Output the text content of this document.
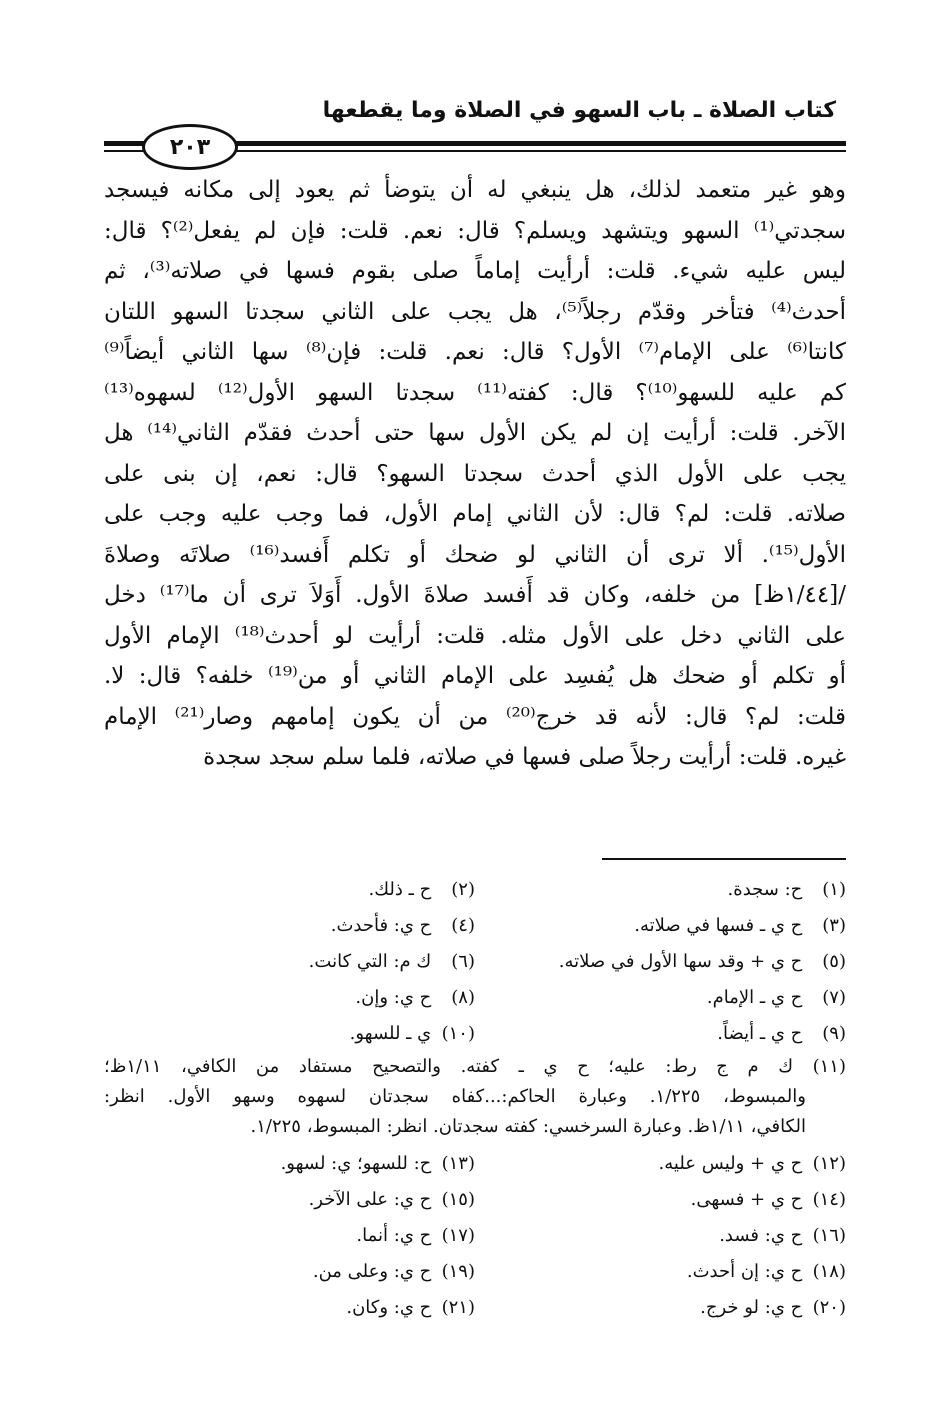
كتاب الصلاة ـ باب السهو في الصلاة وما يقطعها
٢٠٣
وهو غير متعمد لذلك، هل ينبغي له أن يتوضأ ثم يعود إلى مكانه فيسجد
سجدتي⁽¹⁾ السهو ويتشهد ويسلم؟ قال: نعم. قلت: فإن لم يفعل⁽²⁾؟ قال:
ليس عليه شيء. قلت: أرأيت إماماً صلى بقوم فسها في صلاته⁽³⁾، ثم
أحدث⁽⁴⁾ فتأخر وقدّم رجلاً⁽⁵⁾، هل يجب على الثاني سجدتا السهو اللتان
كانتا⁽⁶⁾ على الإمام⁽⁷⁾ الأول؟ قال: نعم. قلت: فإن⁽⁸⁾ سها الثاني أيضاً⁽⁹⁾
كم عليه للسهو⁽¹⁰⁾؟ قال: كفته⁽¹¹⁾ سجدتا السهو الأول⁽¹²⁾ لسهوه⁽¹³⁾
الآخر. قلت: أرأيت إن لم يكن الأول سها حتى أحدث فقدّم الثاني⁽¹⁴⁾ هل
يجب على الأول الذي أحدث سجدتا السهو؟ قال: نعم، إن بنى على
صلاته. قلت: لم؟ قال: لأن الثاني إمام الأول، فما وجب عليه وجب على
الأول⁽¹⁵⁾. ألا ترى أن الثاني لو ضحك أو تكلم أَفسد⁽¹⁶⁾ صلاتَه وصلاةَ
/[١/٤٤ظ] من خلفه، وكان قد أَفسد صلاةَ الأول. أَوَلاَ ترى أن ما⁽¹⁷⁾ دخل
على الثاني دخل على الأول مثله. قلت: أرأيت لو أحدث⁽¹⁸⁾ الإمام الأول
أو تكلم أو ضحك هل يُفسِد على الإمام الثاني أو من⁽¹⁹⁾ خلفه؟ قال: لا.
قلت: لم؟ قال: لأنه قد خرج⁽²⁰⁾ من أن يكون إمامهم وصار⁽²¹⁾ الإمام
غيره. قلت: أرأيت رجلاً صلى فسها في صلاته، فلما سلم سجد سجدة
(١) ح: سجدة.
(٢) ح ـ ذلك.
(٣) ح ي ـ فسها في صلاته.
(٤) ح ي: فأحدث.
(٥) ح ي + وقد سها الأول في صلاته.
(٦) ك م: التي كانت.
(٧) ح ي ـ الإمام.
(٨) ح ي: وإن.
(٩) ح ي ـ أيضاً.
(١٠) ي ـ للسهو.
(١١) ك م ج رط: عليه؛ ح ي ـ كفته. والتصحيح مستفاد من الكافي، ١/١١ظ؛
والمبسوط، ١/٢٢٥. وعبارة الحاكم:...كفاه سجدتان لسهوه وسهو الأول. انظر:
الكافي، ١/١١ظ. وعبارة السرخسي: كفته سجدتان. انظر: المبسوط، ١/٢٢٥.
(١٢) ح ي + وليس عليه.
(١٣) ح: للسهو؛ ي: لسهو.
(١٤) ح ي + فسهى.
(١٥) ح ي: على الآخر.
(١٦) ح ي: فسد.
(١٧) ح ي: أنما.
(١٨) ح ي: إن أحدث.
(١٩) ح ي: وعلى من.
(٢٠) ح ي: لو خرج.
(٢١) ح ي: وكان.
